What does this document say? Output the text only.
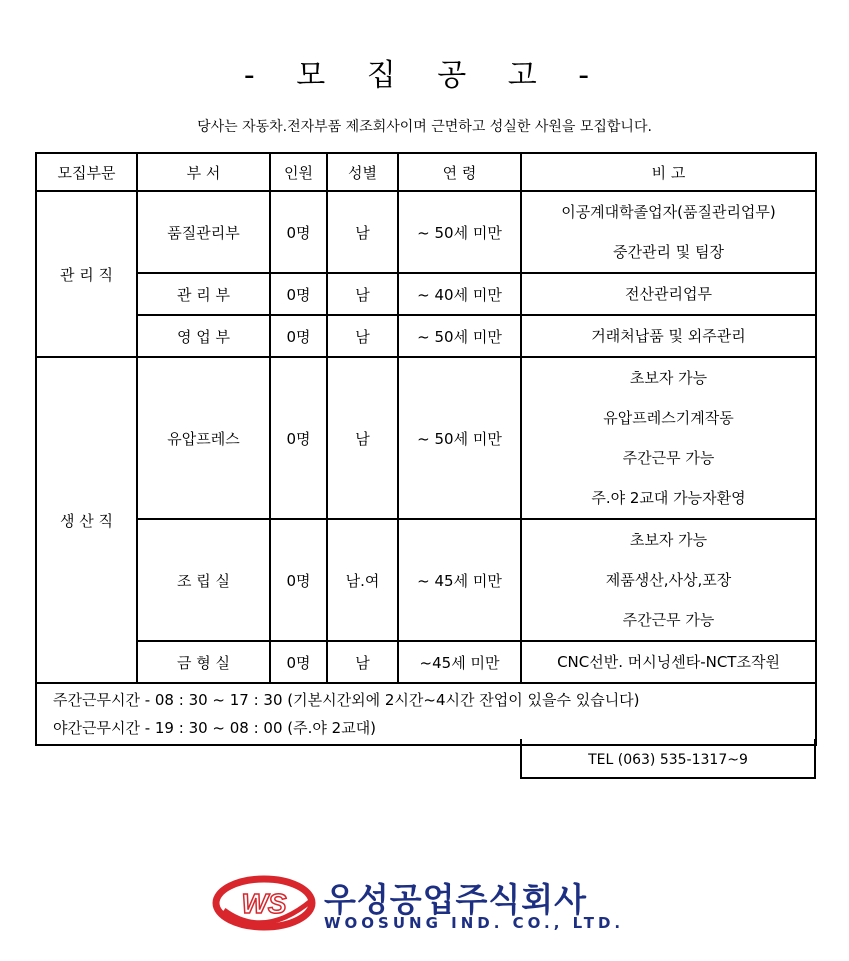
- 모 집 공 고 -
당사는 자동차.전자부품 제조회사이며 근면하고 성실한 사원을 모집합니다.
모집부문	부 서	인원	성별	연 령	비 고
관 리 직	품질관리부	0명	남	~ 50세 미만	이공계대학졸업자(품질관리업무)
중간관리 및 팀장

	관 리 부	0명	남	~ 40세 미만	전산관리업무

	영 업 부	0명	남	~ 50세 미만	거래처납품 및 외주관리

생 산 직	유압프레스	0명	남	~ 50세 미만	초보자 가능
유압프레스기계작동
주간근무 가능
주.야 2교대 가능자환영

	조 립 실	0명	남.여	~ 45세 미만	초보자 가능
제품생산,사상,포장
주간근무 가능

	금 형 실	0명	남	~45세 미만	CNC선반. 머시닝센타-NCT조작원

주간근무시간 - 08 : 30 ~ 17 : 30 (기본시간외에 2시간~4시간 잔업이 있을수 있습니다)
야간근무시간 - 19 : 30 ~ 08 : 00 (주.야 2교대)					
TEL (063) 535-1317~9
WS 우성공업주식회사
WOOSUNG IND. CO., LTD.
